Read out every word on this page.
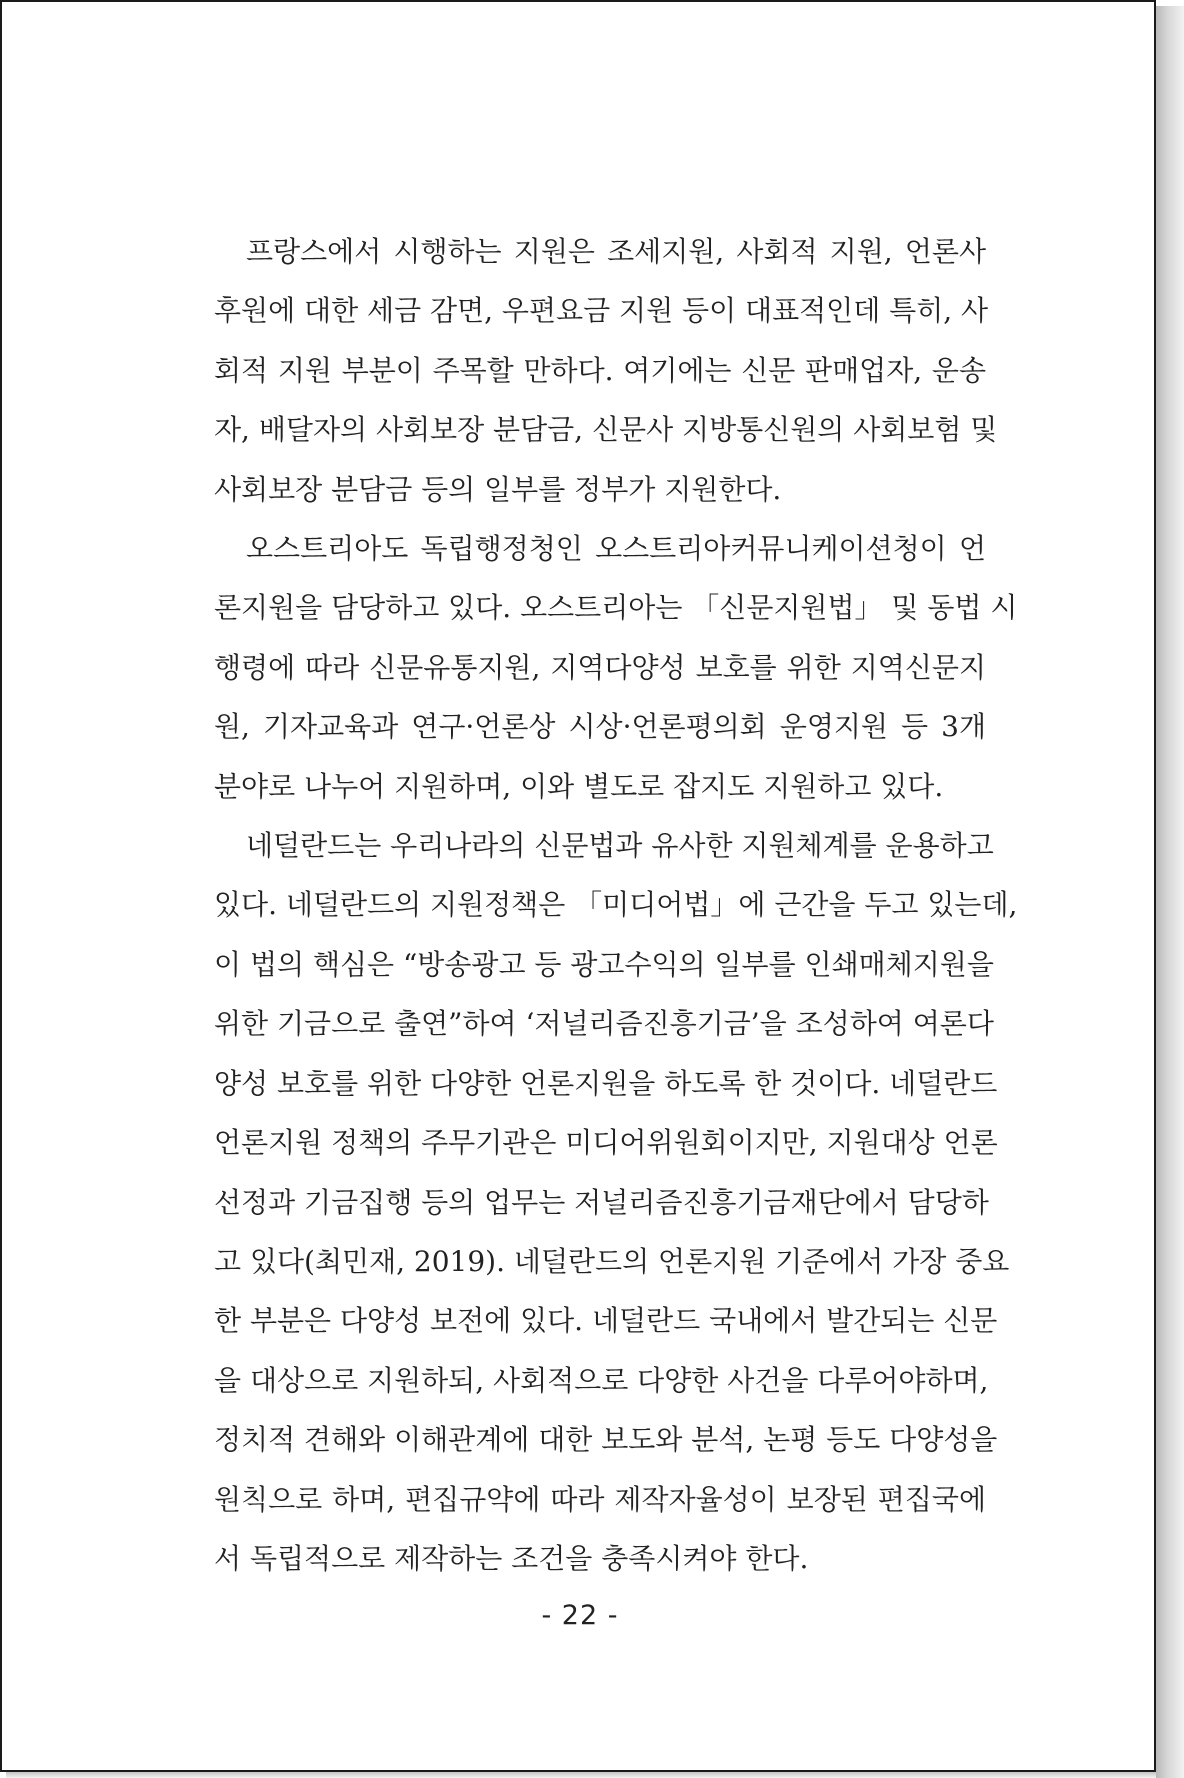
프랑스에서 시행하는 지원은 조세지원, 사회적 지원, 언론사
후원에 대한 세금 감면, 우편요금 지원 등이 대표적인데 특히, 사
회적 지원 부분이 주목할 만하다. 여기에는 신문 판매업자, 운송
자, 배달자의 사회보장 분담금, 신문사 지방통신원의 사회보험 및
사회보장 분담금 등의 일부를 정부가 지원한다.
오스트리아도 독립행정청인 오스트리아커뮤니케이션청이 언
론지원을 담당하고 있다. 오스트리아는 「신문지원법」 및 동법 시
행령에 따라 신문유통지원, 지역다양성 보호를 위한 지역신문지
원, 기자교육과 연구·언론상 시상·언론평의회 운영지원 등 3개
분야로 나누어 지원하며, 이와 별도로 잡지도 지원하고 있다.
네덜란드는 우리나라의 신문법과 유사한 지원체계를 운용하고
있다. 네덜란드의 지원정책은 「미디어법」에 근간을 두고 있는데,
이 법의 핵심은 “방송광고 등 광고수익의 일부를 인쇄매체지원을
위한 기금으로 출연”하여 ‘저널리즘진흥기금’을 조성하여 여론다
양성 보호를 위한 다양한 언론지원을 하도록 한 것이다. 네덜란드
언론지원 정책의 주무기관은 미디어위원회이지만, 지원대상 언론
선정과 기금집행 등의 업무는 저널리즘진흥기금재단에서 담당하
고 있다(최민재, 2019). 네덜란드의 언론지원 기준에서 가장 중요
한 부분은 다양성 보전에 있다. 네덜란드 국내에서 발간되는 신문
을 대상으로 지원하되, 사회적으로 다양한 사건을 다루어야하며,
정치적 견해와 이해관계에 대한 보도와 분석, 논평 등도 다양성을
원칙으로 하며, 편집규약에 따라 제작자율성이 보장된 편집국에
서 독립적으로 제작하는 조건을 충족시켜야 한다.
- 22 -
